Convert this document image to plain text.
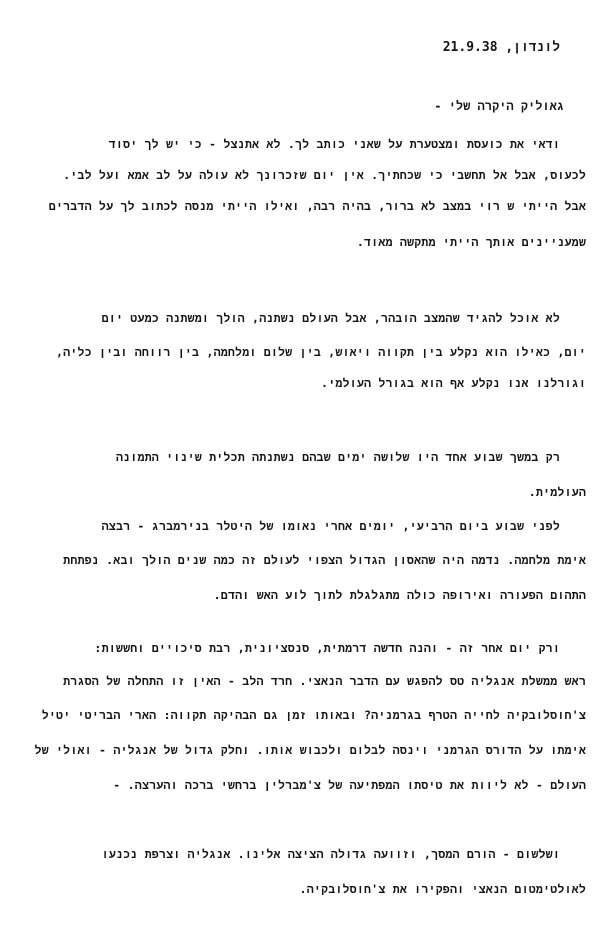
לונדון, 21.9.38
גאוליק היקרה שלי -
ודאי את כועסת ומצטערת על שאני כותב לך. לא אתנצל - כי יש לך יסוד
לכעוס, אבל אל תחשבי כי שכחתיך. אין יום שזכרונך לא עולה על לב אמא ועל לבי.
אבל הייתי ש רוי במצב לא ברור, בהיה רבה, ואילו הייתי מנסה לכתוב לך על הדברים
שמעניינים אותך הייתי מתקשה מאוד.
לא אוכל להגיד שהמצב הובהר, אבל העולם נשתנה, הולך ומשתנה כמעט יום
יום, כאילו הוא נקלע בין תקווה ויאוש, בין שלום ומלחמה, בין רווחה ובין כליה,
וגורלנו אנו נקלע אף הוא בגורל העולמי.
רק במשך שבוע אחד היו שלושה ימים שבהם נשתנתה תכלית שינוי התמונה
העולמית.
לפני שבוע ביום הרביעי, יומים אחרי נאומו של היטלר בנירמברג - רבצה
אימת מלחמה. נדמה היה שהאסון הגדול הצפוי לעולם זה כמה שנים הולך ובא. נפתחת
התהום הפעורה ואירופה כולה מתגלגלת לתוך לוע האש והדם.
ורק יום אחר זה - והנה חדשה דרמתית, סנסציונית, רבת סיכויים וחששות:
ראש ממשלת אנגליה טס להפגש עם הדבר הנאצי. חרד הלב - האין זו התחלה של הסגרת
צ'חוסלובקיה לחייה הטרף בגרמניה? ובאותו זמן גם הבהיקה תקווה: הארי הבריטי יטיל
אימתו על הדורס הגרמני וינסה לבלום ולכבוש אותו. וחלק גדול של אנגליה - ואולי של
העולם - לא ליוות את טיסתו המפתיעה של צ'מברלין ברחשי ברכה והערצה. -
ושלשום - הורם המסך, וזוועה גדולה הציצה אלינו. אנגליה וצרפת נכנעו
לאולטימטום הנאצי והפקירו את צ'חוסלובקיה.
